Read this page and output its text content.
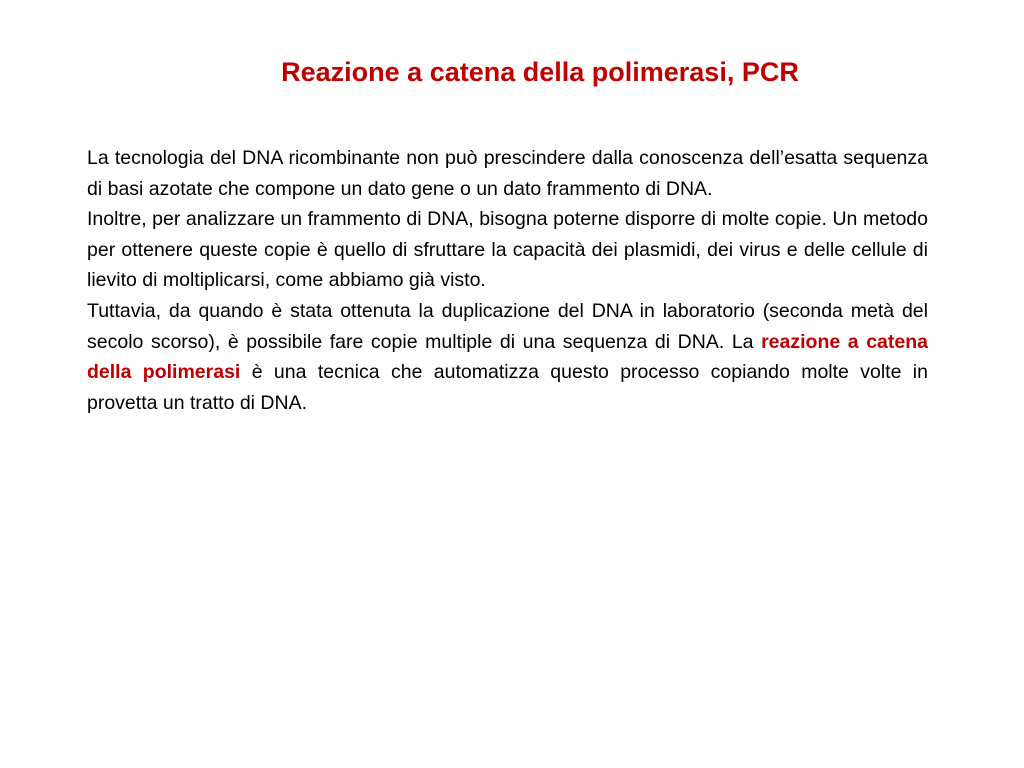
Reazione a catena della polimerasi, PCR

La tecnologia del DNA ricombinante non può prescindere dalla conoscenza dell’esatta sequenza di basi azotate che compone un dato gene o un dato frammento di DNA.

Inoltre, per analizzare un frammento di DNA, bisogna poterne disporre di molte copie. Un metodo per ottenere queste copie è quello di sfruttare la capacità dei plasmidi, dei virus e delle cellule di lievito di moltiplicarsi, come abbiamo già visto.

Tuttavia, da quando è stata ottenuta la duplicazione del DNA in laboratorio (seconda metà del secolo scorso), è possibile fare copie multiple di una sequenza di DNA. La reazione a catena della polimerasi è una tecnica che automatizza questo processo copiando molte volte in provetta un tratto di DNA.
